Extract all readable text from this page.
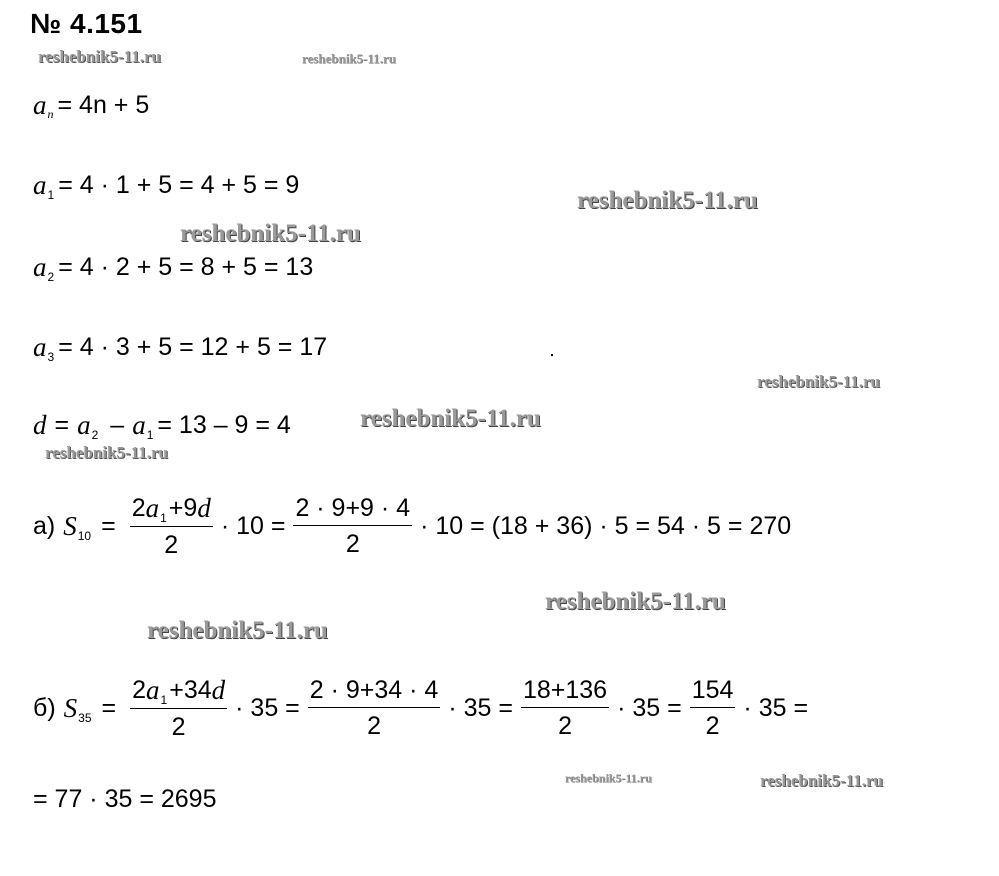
№ 4.151
reshebnik5-11.ru	reshebnik5-11.ru
reshebnik5-11.ru
reshebnik5-11.ru
reshebnik5-11.ru
reshebnik5-11.ru
reshebnik5-11.ru
reshebnik5-11.ru
reshebnik5-11.ru
reshebnik5-11.ru	reshebnik5-11.ru
a n = 4n + 5
a 1 = 4 · 1 + 5 = 4 + 5 = 9
a 2 = 4 · 2 + 5 = 8 + 5 = 13
a 3 = 4 · 3 + 5 = 12 + 5 = 17
d = a 2 – a 1 = 13 – 9 = 4
а) S $10 = \frac{2 a 1 +9 d}{2} \cdot 10 = \frac{2 \cdot 9+9 \cdot 4}{2} \cdot 10 = (18 + 36) \cdot 5 = 54 \cdot 5 = 270$
б) S $35 = \frac{2 a 1 +34 d}{2} \cdot 35 = \frac{2 \cdot 9+34 \cdot 4}{2} \cdot 35 = \frac{18+136}{2} \cdot 35 = \frac{154}{2} \cdot 35$ =
= 77 · 35 = 2695
